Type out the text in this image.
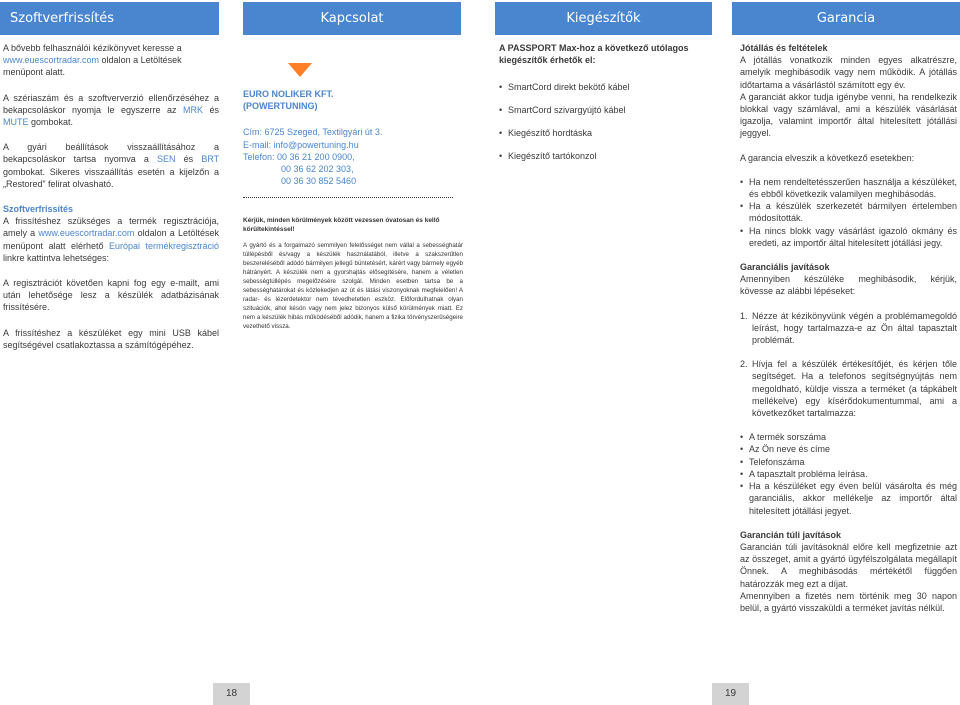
Szoftverfrissítés	Kapcsolat	Kiegészítők	Garancia

A bővebb felhasználói kézikönyvet keresse a www.euescortradar.com oldalon a Letöltések menüpont alatt.

A szériaszám és a szoftververzió ellenőrzéséhez a bekapcsoláskor nyomja le egyszerre az MRK és MUTE gombokat.

A gyári beállítások visszaállításához a bekapcsoláskor tartsa nyomva a SEN és BRT gombokat. Sikeres visszaállítás esetén a kijelzőn a „Restored” felirat olvasható.

Szoftverfrissítés

A frissítéshez szükséges a termék regisztrációja, amely a www.euescortradar.com oldalon a Letöltések menüpont alatt elérhető Európai termékregisztráció linkre kattintva lehetséges:

A regisztrációt követően kapni fog egy e-mailt, ami után lehetősége lesz a készülék adatbázisának frissítésére.

A frissítéshez a készüléket egy mini USB kábel segítségével csatlakoztassa a számítógépéhez.

EURO NOLIKER KFT.

(POWERTUNING)

Cím: 6725 Szeged, Textilgyári út 3.

E-mail: info@powertuning.hu

Telefon: 00 36 21 200 0900,

00 36 62 202 303,

00 36 30 852 5460

Kérjük, minden körülmények között vezessen óvatosan és kellő körültekintéssel!

A gyártó és a forgalmazó semmilyen felelősséget nem vállal a sebességhatár túllépésből és/vagy a készülék használatából, illetve a szakszerűtlen beszereléséből adódó bármilyen jellegű büntetésért, kárért vagy bármely egyéb hátrányért. A készülék nem a gyorshajtás elősegítésére, hanem a véletlen sebességtúllépés megelőzésére szolgál. Minden esetben tartsa be a sebességhatárokat és közlekedjen az út és látási viszonyoknak megfelelően! A radar- és lézerdetektor nem tévedhetetlen eszköz. Előfordulhatnak olyan szituációk, ahol késön vagy nem jelez bizonyos külső körülmények miatt. Ez nem a készülék hibás működéséből adódik, hanem a fizika törvényszerűségeire vezethető vissza.

A PASSPORT Max-hoz a következő utólagos kiegészítők érhetők el:

• SmartCord direkt bekötő kábel
• SmartCord szivargyújtó kábel
• Kiegészítő hordtáska
• Kiegészítő tartókonzol

Jótállás és feltételek

A jótállás vonatkozik minden egyes alkatrészre, amelyik meghibásodik vagy nem működik. A jótállás időtartama a vásárlástól számított egy év.

A garanciát akkor tudja igénybe venni, ha rendelkezik blokkal vagy számlával, ami a készülék vásárlását igazolja, valamint importőr által hitelesített jótállási jeggyel.

A garancia elveszik a következő esetekben:

• Ha nem rendeltetésszerűen használja a készüléket, és ebből következik valamilyen meghibásodás.
• Ha a készülék szerkezetét bármilyen értelemben módosították.
• Ha nincs blokk vagy vásárlást igazoló okmány és eredeti, az importőr által hitelesített jótállási jegy.

Garanciális javítások

Amennyiben készüléke meghibásodik, kérjük, kövesse az alábbi lépéseket:

1. Nézze át kézikönyvünk végén a problémamegoldó leírást, hogy tartalmazza-e az Ön által tapasztalt problémát.
2. Hívja fel a készülék értékesítőjét, és kérjen tőle segítséget. Ha a telefonos segítségnyújtás nem megoldható, küldje vissza a terméket (a tápkábelt mellékelve) egy kísérődokumentummal, ami a következőket tartalmazza:
• A termék sorszáma
• Az Ön neve és címe
• Telefonszáma
• A tapasztalt probléma leírása.
• Ha a készüléket egy éven belül vásárolta és még garanciális, akkor mellékelje az importőr által hitelesített jótállási jegyet.

Garancián túli javítások

Garancián túli javításoknál előre kell megfizetnie azt az összeget, amit a gyártó ügyfélszolgálata megállapít Önnek. A meghibásodás mértékétől függően határozzák meg ezt a díjat.

Amennyiben a fizetés nem történik meg 30 napon belül, a gyártó visszaküldi a terméket javítás nélkül.

18	19
